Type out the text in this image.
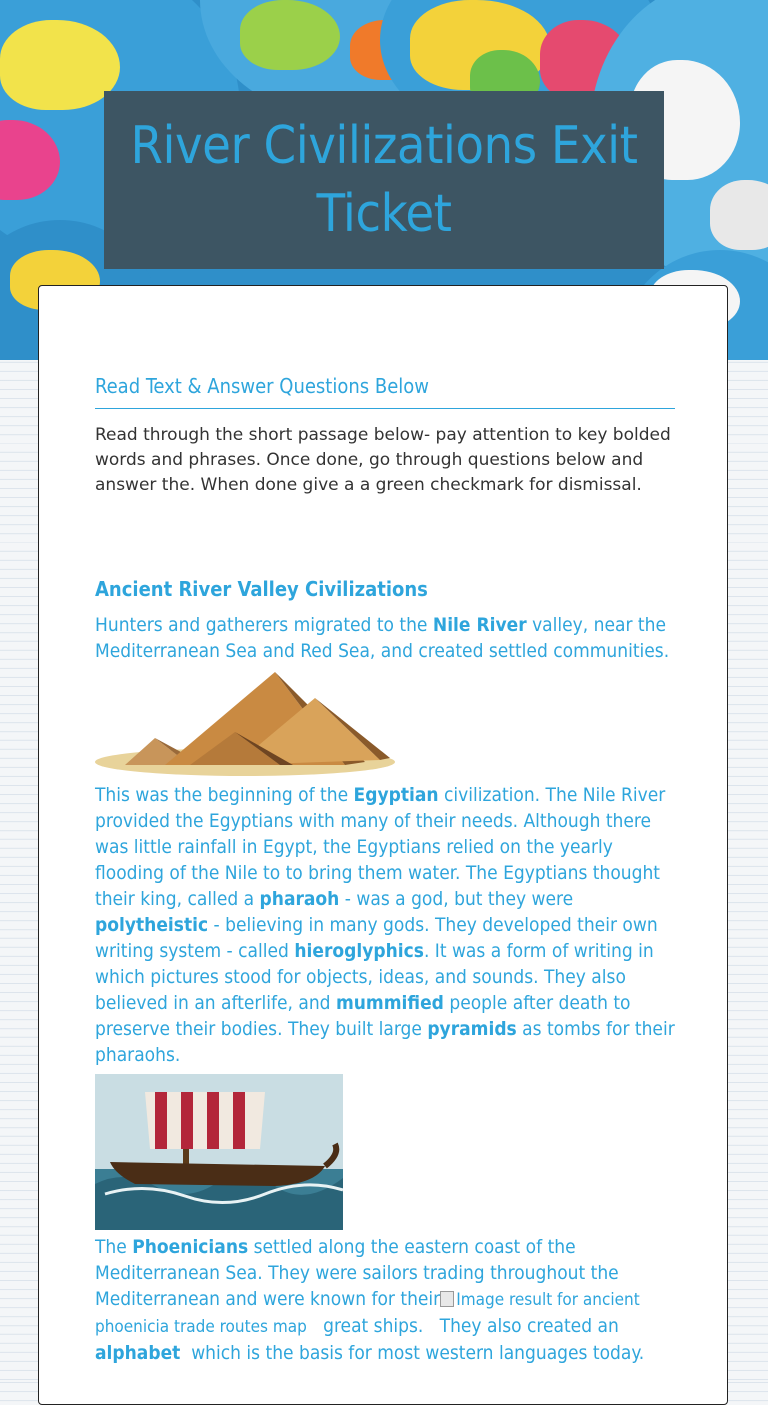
River Civilizations Exit Ticket
Read Text & Answer Questions Below

Read through the short passage below- pay attention to key bolded words and phrases. Once done, go through questions below and answer the. When done give a a green checkmark for dismissal.

Ancient River Valley Civilizations

Hunters and gatherers migrated to the Nile River valley, near the Mediterranean Sea and Red Sea, and created settled communities.

This was the beginning of the Egyptian civilization. The Nile River provided the Egyptians with many of their needs. Although there was little rainfall in Egypt, the Egyptians relied on the yearly flooding of the Nile to to bring them water. The Egyptians thought their king, called a pharaoh - was a god, but they were polytheistic - believing in many gods. They developed their own writing system - called hieroglyphics. It was a form of writing in which pictures stood for objects, ideas, and sounds. They also believed in an afterlife, and mummified people after death to preserve their bodies. They built large pyramids as tombs for their pharaohs.

The Phoenicians settled along the eastern coast of the Mediterranean Sea. They were sailors trading throughout the Mediterranean and were known for their Image result for ancient phoenicia trade routes map   great ships.   They also created an alphabet  which is the basis for most western languages today.
